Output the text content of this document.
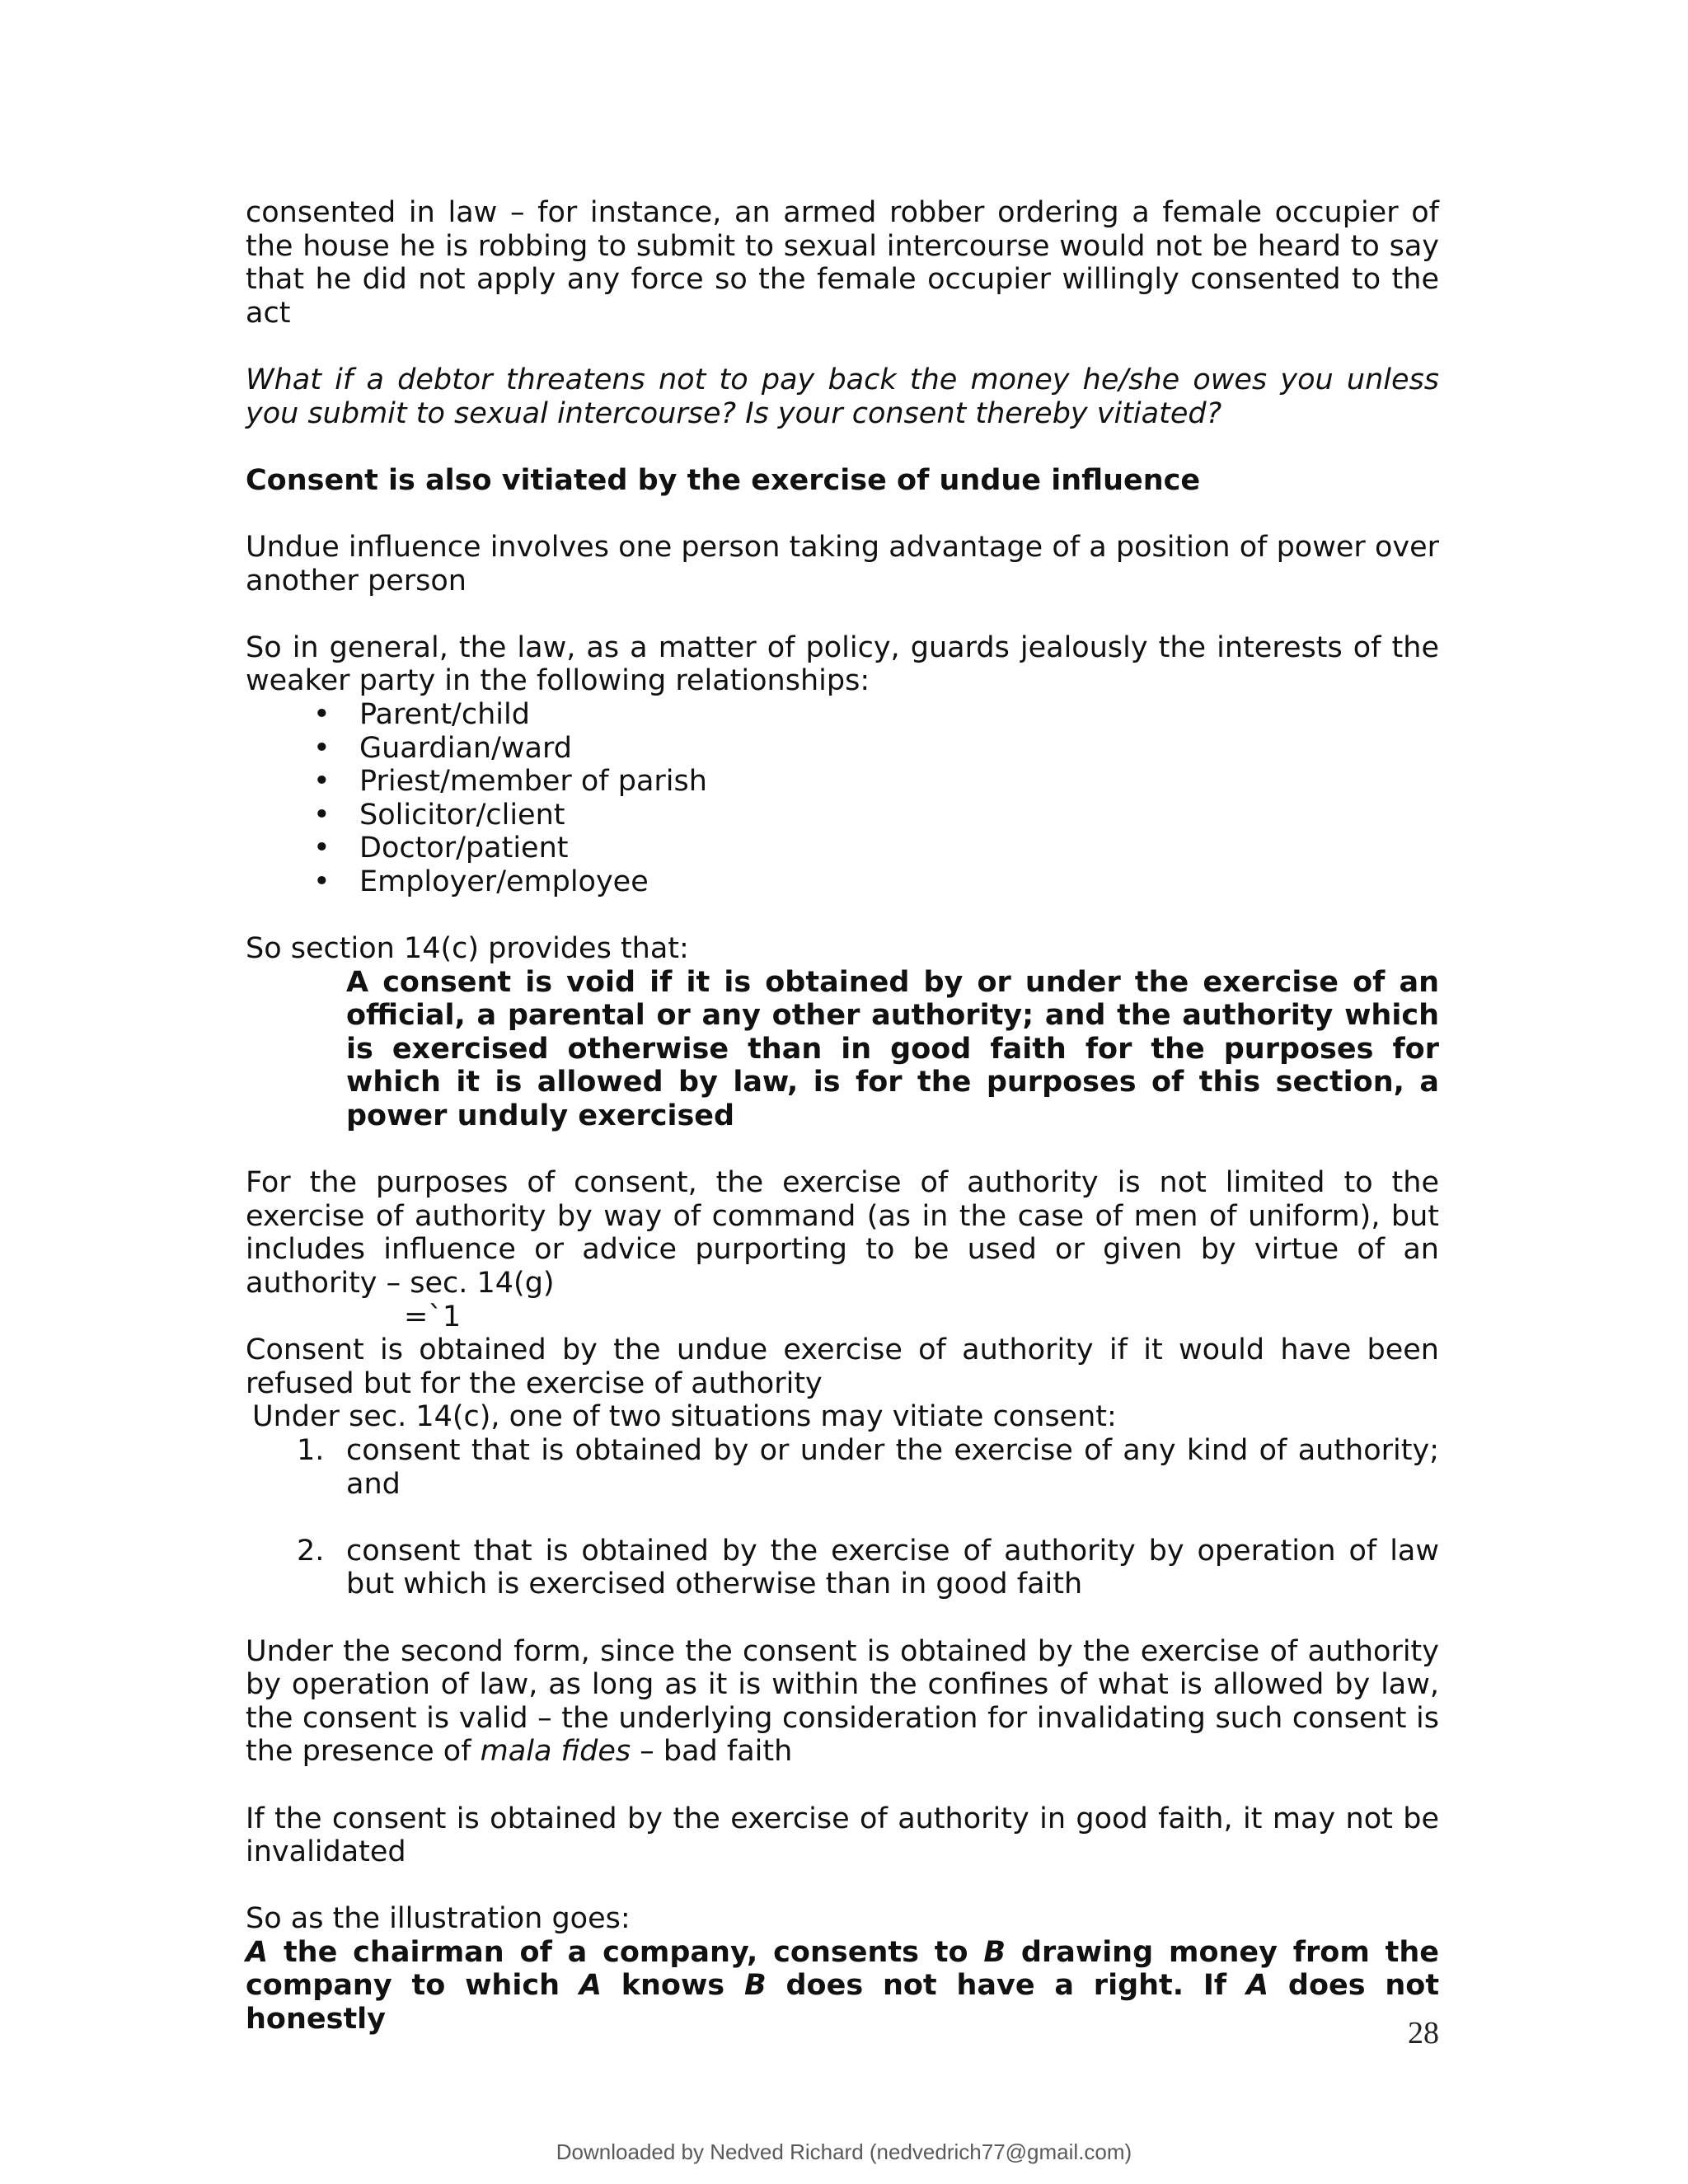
consented in law – for instance, an armed robber ordering a female occupier of the house he is robbing to submit to sexual intercourse would not be heard to say that he did not apply any force so the female occupier willingly consented to the act

What if a debtor threatens not to pay back the money he/she owes you unless you submit to sexual intercourse? Is your consent thereby vitiated?

Consent is also vitiated by the exercise of undue influence

Undue influence involves one person taking advantage of a position of power over another person

So in general, the law, as a matter of policy, guards jealously the interests of the weaker party in the following relationships:

• Parent/child
• Guardian/ward
• Priest/member of parish
• Solicitor/client
• Doctor/patient
• Employer/employee

So section 14(c) provides that:

A consent is void if it is obtained by or under the exercise of an official, a parental or any other authority; and the authority which is exercised otherwise than in good faith for the purposes for which it is allowed by law, is for the purposes of this section, a power unduly exercised

For the purposes of consent, the exercise of authority is not limited to the exercise of authority by way of command (as in the case of men of uniform), but includes influence or advice purporting to be used or given by virtue of an authority – sec. 14(g)

=`1

Consent is obtained by the undue exercise of authority if it would have been refused but for the exercise of authority

Under sec. 14(c), one of two situations may vitiate consent:

1. consent that is obtained by or under the exercise of any kind of authority; and
2. consent that is obtained by the exercise of authority by operation of law but which is exercised otherwise than in good faith

Under the second form, since the consent is obtained by the exercise of authority by operation of law, as long as it is within the confines of what is allowed by law, the consent is valid – the underlying consideration for invalidating such consent is the presence of mala fides – bad faith

If the consent is obtained by the exercise of authority in good faith, it may not be invalidated

So as the illustration goes:

A the chairman of a company, consents to B drawing money from the company to which A knows B does not have a right. If A does not honestly	28
Downloaded by Nedved Richard (nedvedrich77@gmail.com)
